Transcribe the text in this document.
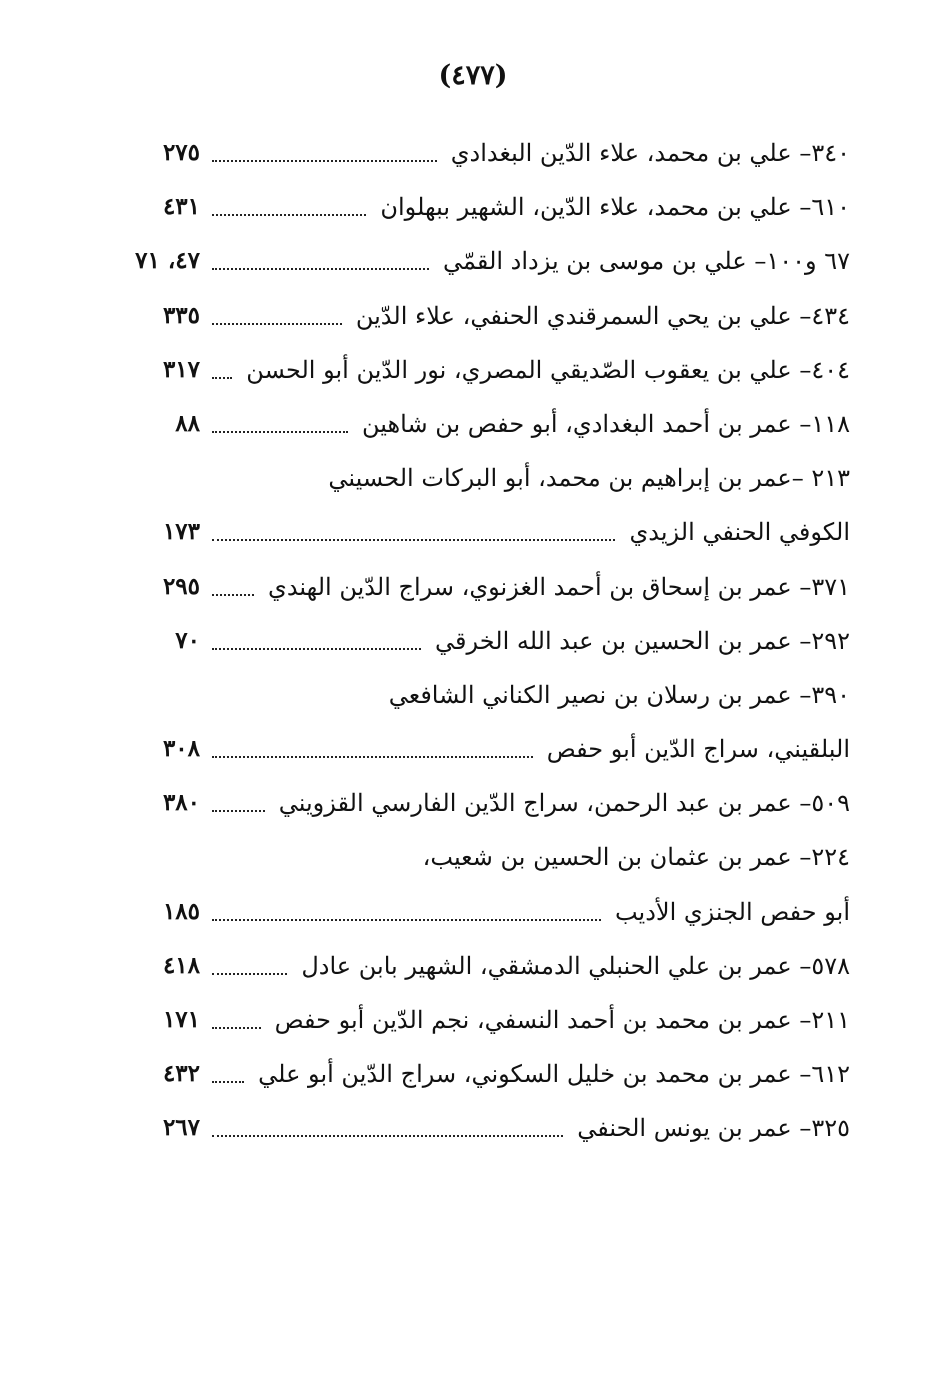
(٤٧٧)
٣٤٠– علي بن محمد، علاء الدّين البغدادي
٢٧٥
٦١٠– علي بن محمد، علاء الدّين، الشهير ببهلوان
٤٣١
٦٧ و١٠٠– علي بن موسى بن يزداد القمّي
٤٧، ٧١
٤٣٤– علي بن يحي السمرقندي الحنفي، علاء الدّين
٣٣٥
٤٠٤– علي بن يعقوب الصّديقي المصري، نور الدّين أبو الحسن
٣١٧
١١٨– عمر بن أحمد البغدادي، أبو حفص بن شاهين
٨٨
٢١٣ –عمر بن إبراهيم بن محمد، أبو البركات الحسيني
الكوفي الحنفي الزيدي
١٧٣
٣٧١– عمر بن إسحاق بن أحمد الغزنوي، سراج الدّين الهندي
٢٩٥
٢٩٢– عمر بن الحسين بن عبد الله الخرقي
٧٠
٣٩٠– عمر بن رسلان بن نصير الكناني الشافعي
البلقيني، سراج الدّين أبو حفص
٣٠٨
٥٠٩– عمر بن عبد الرحمن، سراج الدّين الفارسي القزويني
٣٨٠
٢٢٤– عمر بن عثمان بن الحسين بن شعيب،
أبو حفص الجنزي الأديب
١٨٥
٥٧٨– عمر بن علي الحنبلي الدمشقي، الشهير بابن عادل
٤١٨
٢١١– عمر بن محمد بن أحمد النسفي، نجم الدّين أبو حفص
١٧١
٦١٢– عمر بن محمد بن خليل السكوني، سراج الدّين أبو علي
٤٣٢
٣٢٥– عمر بن يونس الحنفي
٢٦٧
